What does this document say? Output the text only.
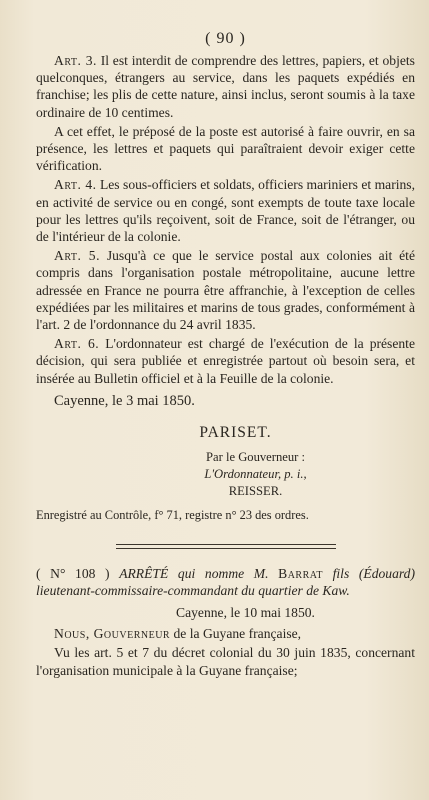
( 90 )

Art. 3. Il est interdit de comprendre des lettres, papiers, et objets quelconques, étrangers au service, dans les paquets expédiés en franchise; les plis de cette nature, ainsi inclus, seront soumis à la taxe ordinaire de 10 centimes.

A cet effet, le préposé de la poste est autorisé à faire ouvrir, en sa présence, les lettres et paquets qui paraîtraient devoir exiger cette vérification.

Art. 4. Les sous-officiers et soldats, officiers mariniers et marins, en activité de service ou en congé, sont exempts de toute taxe locale pour les lettres qu'ils reçoivent, soit de France, soit de l'étranger, ou de l'intérieur de la colonie.

Art. 5. Jusqu'à ce que le service postal aux colonies ait été compris dans l'organisation postale métropolitaine, aucune lettre adressée en France ne pourra être affranchie, à l'exception de celles expédiées par les militaires et marins de tous grades, conformément à l'art. 2 de l'ordonnance du 24 avril 1835.

Art. 6. L'ordonnateur est chargé de l'exécution de la présente décision, qui sera publiée et enregistrée partout où besoin sera, et insérée au Bulletin officiel et à la Feuille de la colonie.

Cayenne, le 3 mai 1850.

PARISET.
Par le Gouverneur :
L'Ordonnateur, p. i.,
REISSER.

Enregistré au Contrôle, f° 71, registre n° 23 des ordres.

( N° 108 ) ARRÊTÉ qui nomme M. Barrat fils (Édouard) lieutenant-commissaire-commandant du quartier de Kaw.

Cayenne, le 10 mai 1850.

Nous, Gouverneur de la Guyane française,

Vu les art. 5 et 7 du décret colonial du 30 juin 1835, concernant l'organisation municipale à la Guyane française;
